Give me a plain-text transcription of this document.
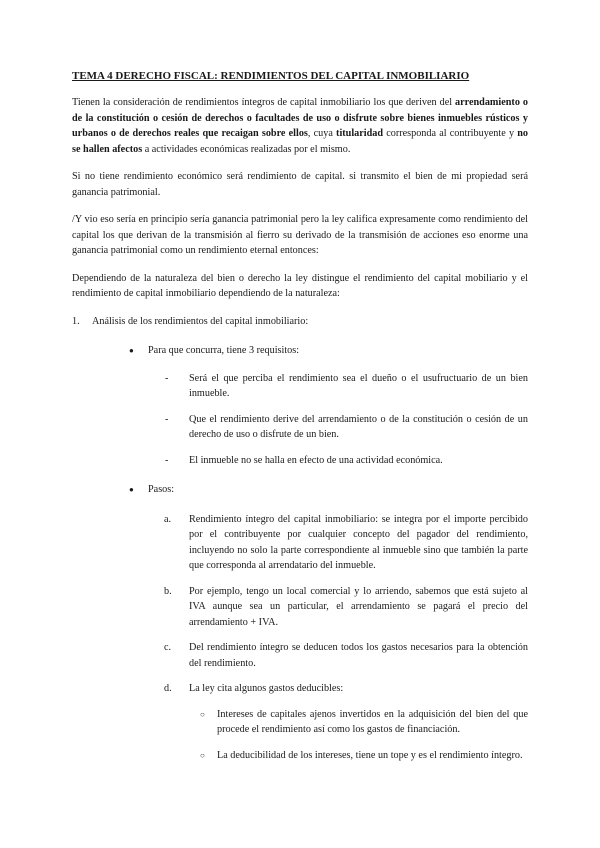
TEMA 4 DERECHO FISCAL: RENDIMIENTOS DEL CAPITAL INMOBILIARIO

Tienen la consideración de rendimientos íntegros de capital inmobiliario los que deriven del arrendamiento o de la constitución o cesión de derechos o facultades de uso o disfrute sobre bienes inmuebles rústicos y urbanos o de derechos reales que recaigan sobre ellos, cuya titularidad corresponda al contribuyente y no se hallen afectos a actividades económicas realizadas por el mismo.

Si no tiene rendimiento económico será rendimiento de capital. si transmito el bien de mi propiedad será ganancia patrimonial.

/Y vio eso sería en principio sería ganancia patrimonial pero la ley califica expresamente como rendimiento del capital los que derivan de la transmisión al fierro su derivado de la transmisión de acciones eso enorme una ganancia patrimonial como un rendimiento eternal entonces:

Dependiendo de la naturaleza del bien o derecho la ley distingue el rendimiento del capital mobiliario y el rendimiento de capital inmobiliario dependiendo de la naturaleza:

1. Análisis de los rendimientos del capital inmobiliario:
● Para que concurra, tiene 3 requisitos:
- Será el que perciba el rendimiento sea el dueño o el usufructuario de un bien inmueble.
- Que el rendimiento derive del arrendamiento o de la constitución o cesión de un derecho de uso o disfrute de un bien.
- El inmueble no se halla en efecto de una actividad económica.
● Pasos:
a. Rendimiento íntegro del capital inmobiliario: se integra por el importe percibido por el contribuyente por cualquier concepto del pagador del rendimiento, incluyendo no solo la parte correspondiente al inmueble sino que también la parte que corresponda al arrendatario del inmueble.
b. Por ejemplo, tengo un local comercial y lo arriendo, sabemos que está sujeto al IVA aunque sea un particular, el arrendamiento se pagará el precio del arrendamiento + IVA.
c. Del rendimiento íntegro se deducen todos los gastos necesarios para la obtención del rendimiento.
d. La ley cita algunos gastos deducibles:
○ Intereses de capitales ajenos invertidos en la adquisición del bien del que procede el rendimiento así como los gastos de financiación.
○ La deducibilidad de los intereses, tiene un tope y es el rendimiento íntegro.
